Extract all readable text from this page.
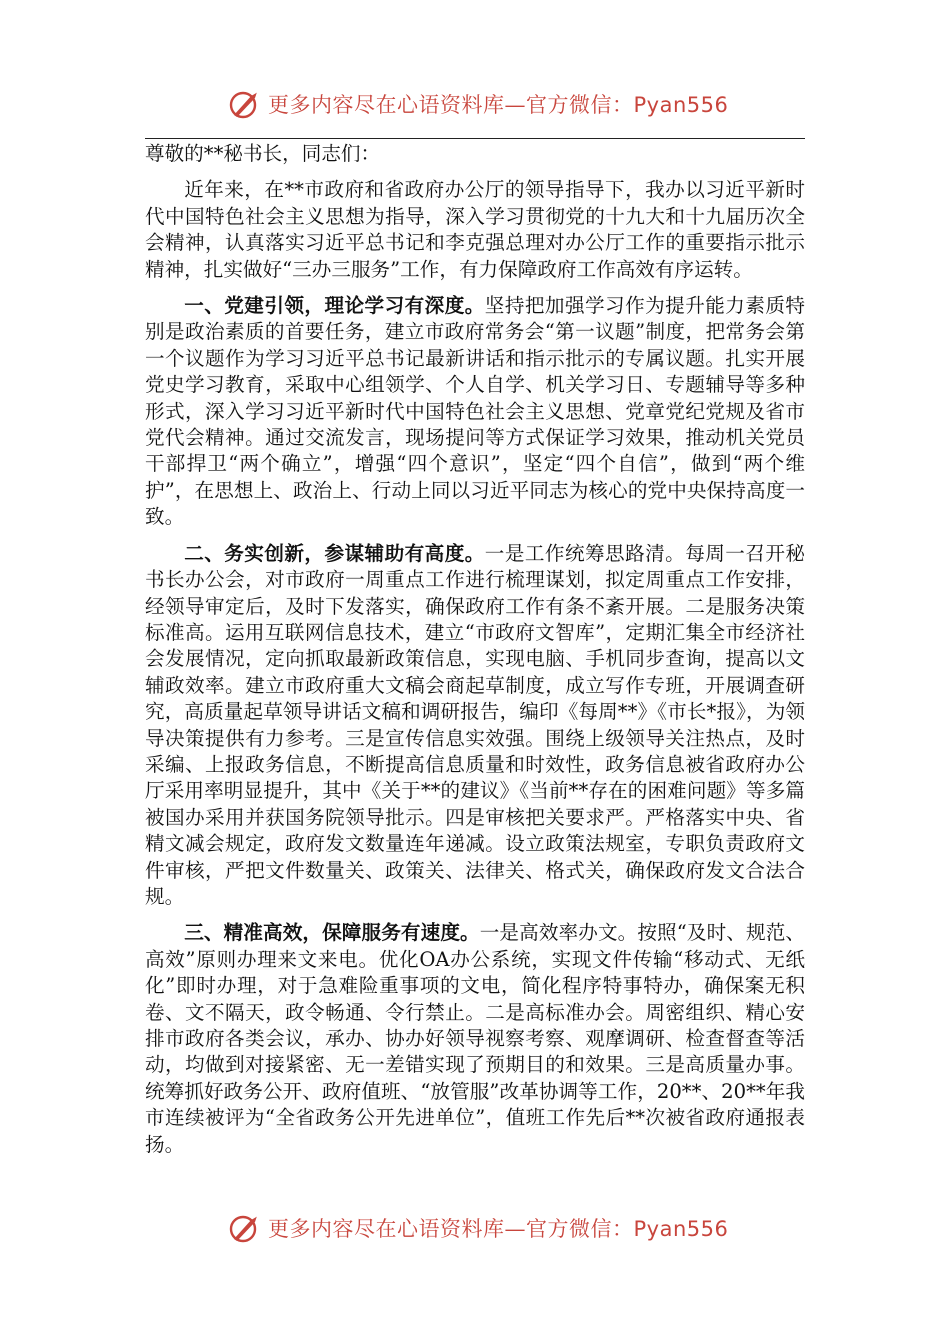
更多内容尽在心语资料库—官方微信：Pyan556

尊敬的**秘书长，同志们：

近年来，在**市政府和省政府办公厅的领导指导下，我办以习近平新时代中国特色社会主义思想为指导，深入学习贯彻党的十九大和十九届历次全会精神，认真落实习近平总书记和李克强总理对办公厅工作的重要指示批示精神，扎实做好“三办三服务”工作，有力保障政府工作高效有序运转。

一、党建引领，理论学习有深度。坚持把加强学习作为提升能力素质特别是政治素质的首要任务，建立市政府常务会“第一议题”制度，把常务会第一个议题作为学习习近平总书记最新讲话和指示批示的专属议题。扎实开展党史学习教育，采取中心组领学、个人自学、机关学习日、专题辅导等多种形式，深入学习习近平新时代中国特色社会主义思想、党章党纪党规及省市党代会精神。通过交流发言，现场提问等方式保证学习效果，推动机关党员干部捍卫“两个确立”，增强“四个意识”，坚定“四个自信”，做到“两个维护”，在思想上、政治上、行动上同以习近平同志为核心的党中央保持高度一致。

二、务实创新，参谋辅助有高度。一是工作统筹思路清。每周一召开秘书长办公会，对市政府一周重点工作进行梳理谋划，拟定周重点工作安排，经领导审定后，及时下发落实，确保政府工作有条不紊开展。二是服务决策标准高。运用互联网信息技术，建立“市政府文智库”，定期汇集全市经济社会发展情况，定向抓取最新政策信息，实现电脑、手机同步查询，提高以文辅政效率。建立市政府重大文稿会商起草制度，成立写作专班，开展调查研究，高质量起草领导讲话文稿和调研报告，编印《每周**》《市长*报》，为领导决策提供有力参考。三是宣传信息实效强。围绕上级领导关注热点，及时采编、上报政务信息，不断提高信息质量和时效性，政务信息被省政府办公厅采用率明显提升，其中《关于**的建议》《当前**存在的困难问题》等多篇被国办采用并获国务院领导批示。四是审核把关要求严。严格落实中央、省精文减会规定，政府发文数量连年递减。设立政策法规室，专职负责政府文件审核，严把文件数量关、政策关、法律关、格式关，确保政府发文合法合规。

三、精准高效，保障服务有速度。一是高效率办文。按照“及时、规范、高效”原则办理来文来电。优化OA办公系统，实现文件传输“移动式、无纸化”即时办理，对于急难险重事项的文电，简化程序特事特办，确保案无积卷、文不隔天，政令畅通、令行禁止。二是高标准办会。周密组织、精心安排市政府各类会议，承办、协办好领导视察考察、观摩调研、检查督查等活动，均做到对接紧密、无一差错实现了预期目的和效果。三是高质量办事。统筹抓好政务公开、政府值班、“放管服”改革协调等工作，20**、20**年我市连续被评为“全省政务公开先进单位”，值班工作先后**次被省政府通报表扬。

更多内容尽在心语资料库—官方微信：Pyan556
